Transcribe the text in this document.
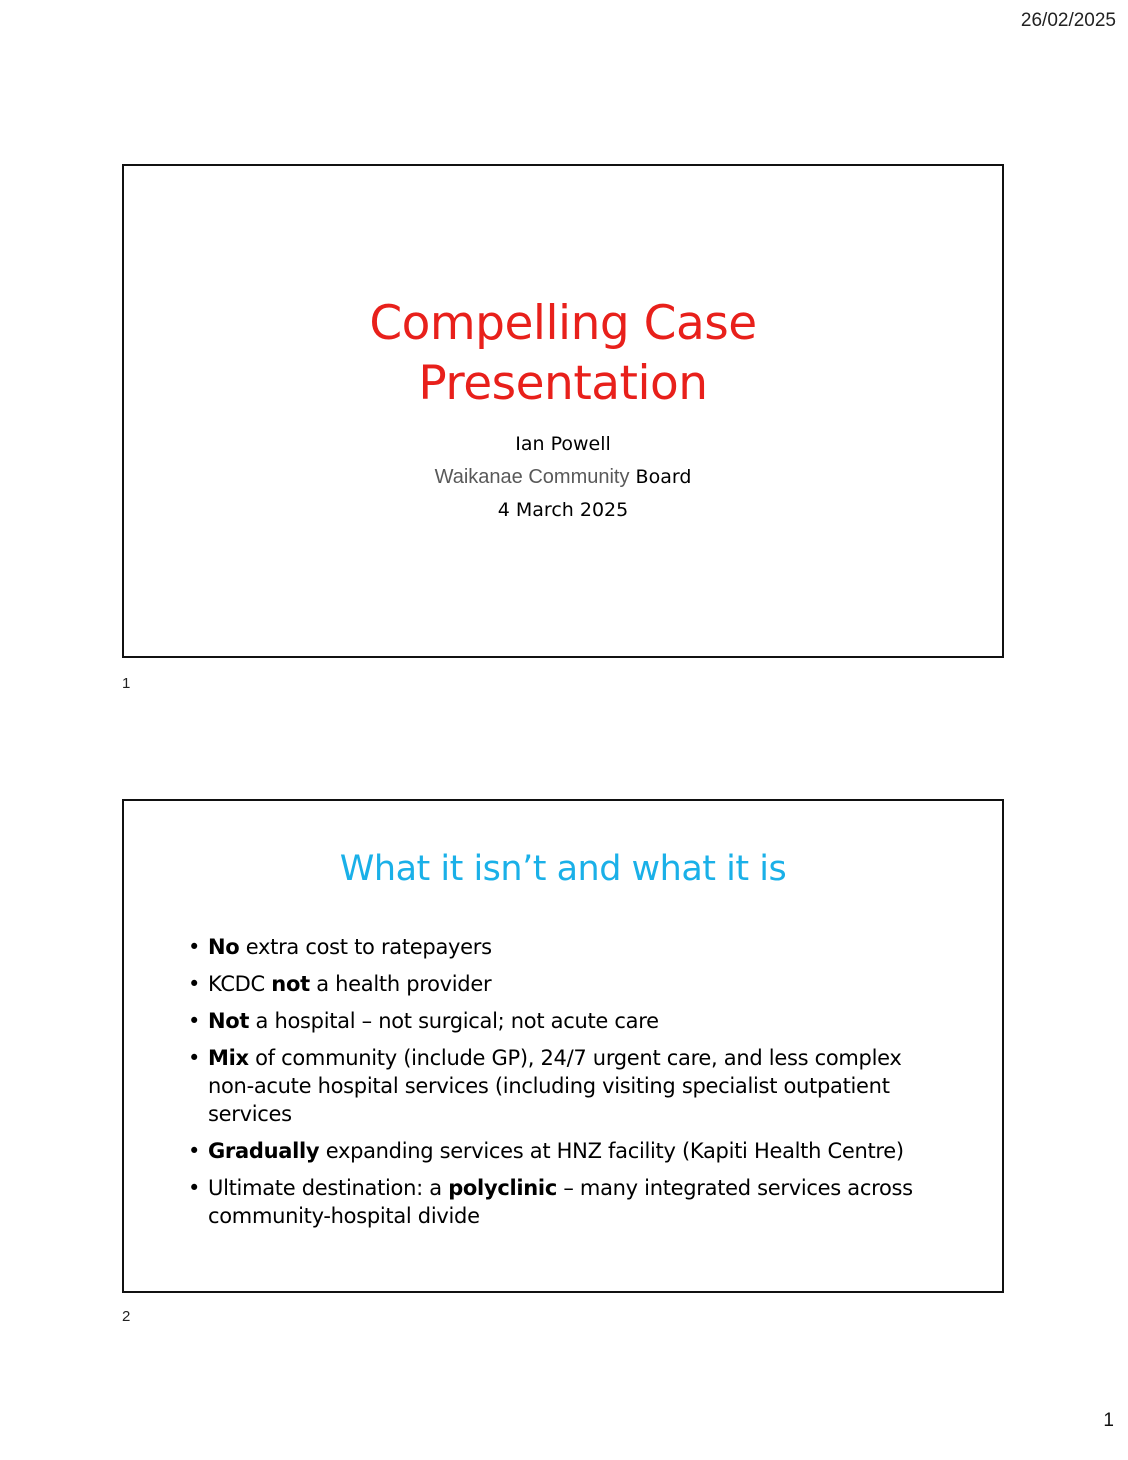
26/02/2025
Compelling Case
Presentation
Ian Powell
Waikanae Community Board
4 March 2025
1
What it isn’t and what it is
• No extra cost to ratepayers
• KCDC not a health provider
• Not a hospital – not surgical; not acute care
• Mix of community (include GP), 24/7 urgent care, and less complex non-acute hospital services (including visiting specialist outpatient services
• Gradually expanding services at HNZ facility (Kapiti Health Centre)
• Ultimate destination: a polyclinic – many integrated services across community-hospital divide
2
1
